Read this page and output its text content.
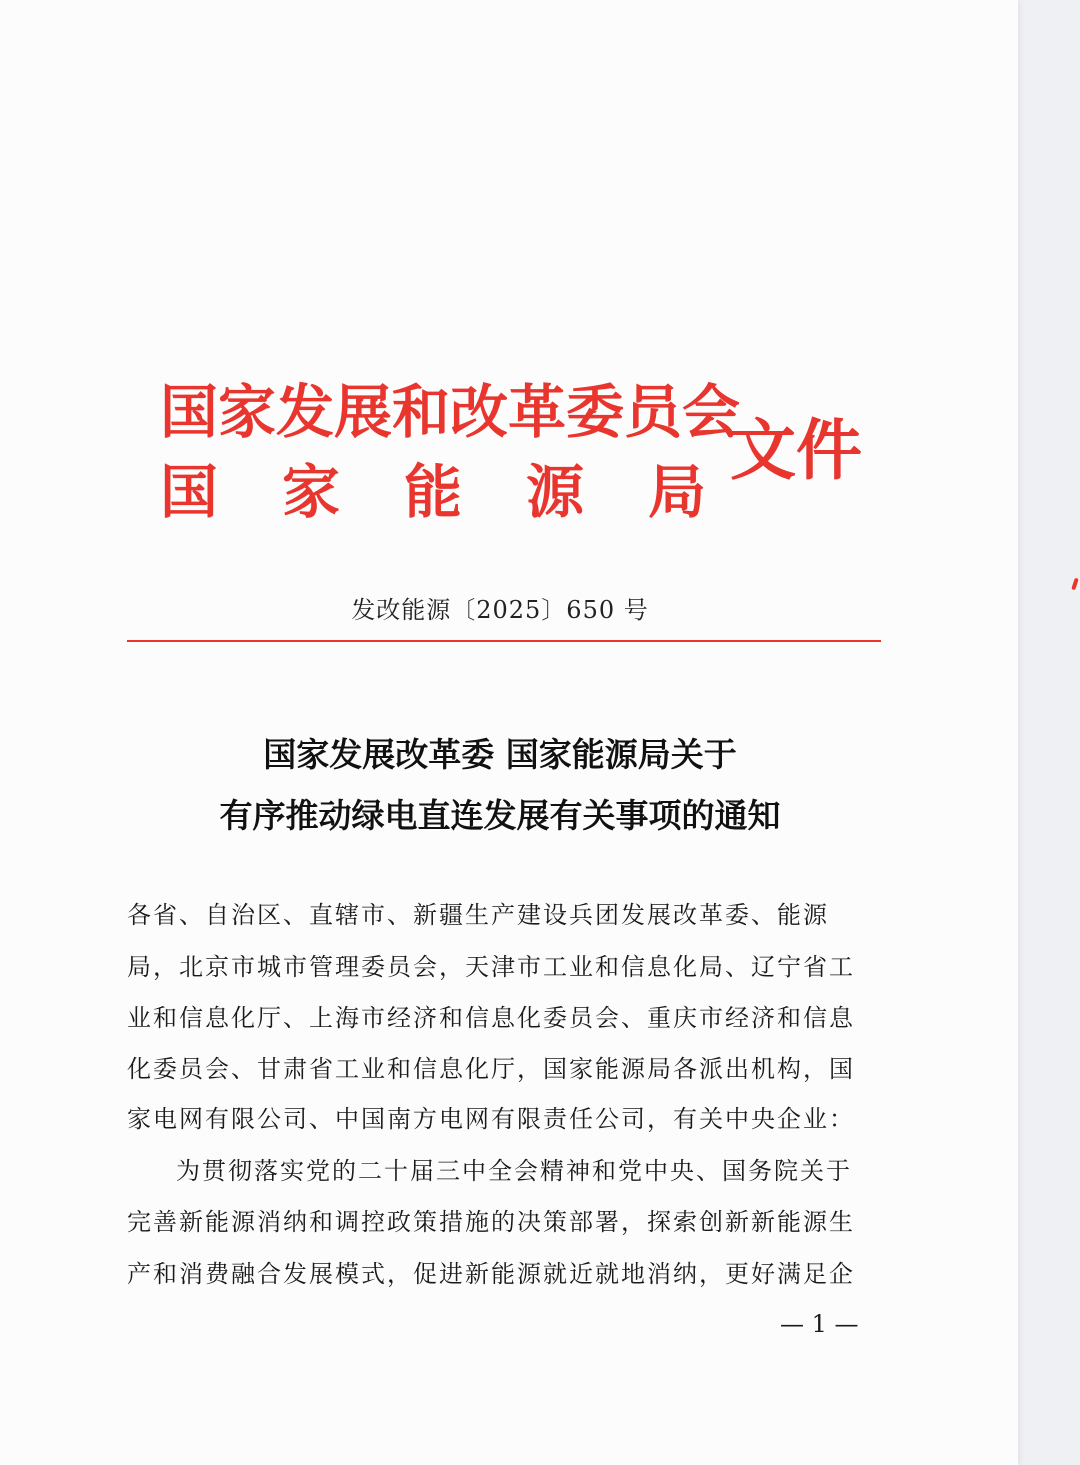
国家发展和改革委员会
国家能源局
文件
发改能源〔2025〕650 号
国家发展改革委 国家能源局关于
有序推动绿电直连发展有关事项的通知
各省、自治区、直辖市、新疆生产建设兵团发展改革委、能源
局，北京市城市管理委员会，天津市工业和信息化局、辽宁省工
业和信息化厅、上海市经济和信息化委员会、重庆市经济和信息
化委员会、甘肃省工业和信息化厅，国家能源局各派出机构，国
家电网有限公司、中国南方电网有限责任公司，有关中央企业：
为贯彻落实党的二十届三中全会精神和党中央、国务院关于
完善新能源消纳和调控政策措施的决策部署，探索创新新能源生
产和消费融合发展模式，促进新能源就近就地消纳，更好满足企
— 1 —
